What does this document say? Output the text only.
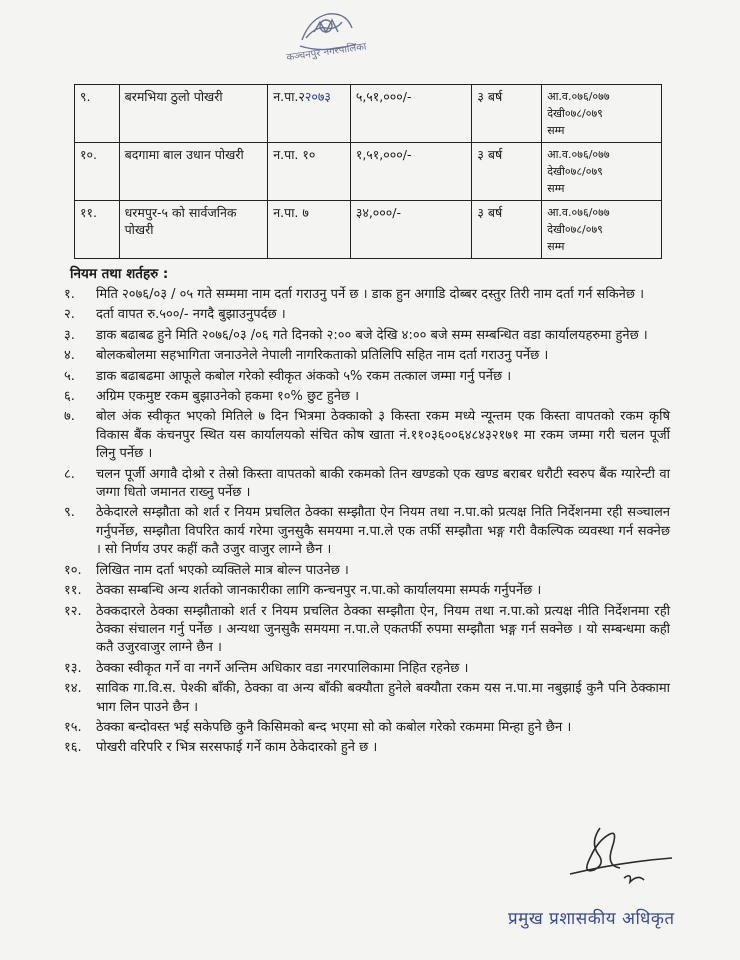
कञ्चनपुर नगरपालिका
९.	बरमभिया ठुलो पोखरी	न.पा.२२०७३	५,५१,०००/-	३ बर्ष	आ.व.०७६/०७७
देखी०७८/०७९
सम्म

१०.	बदगामा बाल उधान पोखरी	न.पा. १०	१,५१,०००/-	३ बर्ष	आ.व.०७६/०७७
देखी०७८/०७९
सम्म

११.	धरमपुर-५ को सार्वजनिक पोखरी	न.पा. ७	३४,०००/-	३ बर्ष	आ.व.०७६/०७७
देखी०७८/०७९
सम्म
नियम तथा शर्तहरु :
१.	मिति २०७६/०३ / ०५ गते सम्ममा नाम दर्ता गराउनु पर्ने छ । डाक हुन अगाडि दोब्बर दस्तुर तिरी नाम दर्ता गर्न सकिनेछ ।
२.	दर्ता वापत रु.५००/- नगदै बुझाउनुपर्दछ ।
३.	डाक बढाबढ हुने मिति २०७६/०३ /०६ गते दिनको २:०० बजे देखि ४:०० बजे सम्म सम्बन्धित वडा कार्यालयहरुमा हुनेछ ।
४.	बोलकबोलमा सहभागिता जनाउनेले नेपाली नागरिकताको प्रतिलिपि सहित नाम दर्ता गराउनु पर्नेछ ।
५.	डाक बढाबढमा आफूले कबोल गरेको स्वीकृत अंकको ५% रकम तत्काल जम्मा गर्नु पर्नेछ ।
६.	अग्रिम एकमुष्ट रकम बुझाउनेको हकमा १०% छुट हुनेछ ।
७.	बोल अंक स्वीकृत भएको मितिले ७ दिन भित्रमा ठेक्काको ३ किस्ता रकम मध्ये न्यून्तम एक किस्ता वापतको रकम कृषि विकास बैंक कंचनपुर स्थित यस कार्यालयको संचित कोष खाता नं.११०३६००६४८४३२१७१ मा रकम जम्मा गरी चलन पूर्जी लिनु पर्नेछ ।
८.	चलन पूर्जी अगावै दोश्रो र तेस्रो किस्ता वापतको बाकी रकमको तिन खण्डको एक खण्ड बराबर धरौटी स्वरुप बैंक ग्यारेन्टी वा जग्गा धितो जमानत राख्नु पर्नेछ ।
९.	ठेकेदारले सम्झौता को शर्त र नियम प्रचलित ठेक्का सम्झौता ऐन नियम तथा न.पा.को प्रत्यक्ष निति निर्देशनमा रही सञ्चालन गर्नुपर्नेछ, सम्झौता विपरित कार्य गरेमा जुनसुकै समयमा न.पा.ले एक तर्फी सम्झौता भङ्ग गरी वैकल्पिक व्यवस्था गर्न सक्नेछ । सो निर्णय उपर कहीं कतै उजुर वाजुर लाग्ने छैन ।
१०.	लिखित नाम दर्ता भएको व्यक्तिले मात्र बोल्न पाउनेछ ।
११.	ठेक्का सम्बन्धि अन्य शर्तको जानकारीका लागि कन्चनपुर न.पा.को कार्यालयमा सम्पर्क गर्नुपर्नेछ ।
१२.	ठेक्कदारले ठेक्का सम्झौताको शर्त र नियम प्रचलित ठेक्का सम्झौता ऐन, नियम तथा न.पा.को प्रत्यक्ष नीति निर्देशनमा रही ठेक्का संचालन गर्नु पर्नेछ । अन्यथा जुनसुकै समयमा न.पा.ले एकतर्फी रुपमा सम्झौता भङ्ग गर्न सक्नेछ । यो सम्बन्धमा कही कतै उजुरवाजुर लाग्ने छैन ।
१३.	ठेक्का स्वीकृत गर्ने वा नगर्ने अन्तिम अधिकार वडा नगरपालिकामा निहित रहनेछ ।
१४.	साविक गा.वि.स. पेश्की बाँकी, ठेक्का वा अन्य बाँकी बक्यौता हुनेले बक्यौता रकम यस न.पा.मा नबुझाई कुनै पनि ठेक्कामा भाग लिन पाउने छैन ।
१५.	ठेक्का बन्दोवस्त भई सकेपछि कुनै किसिमको बन्द भएमा सो को कबोल गरेको रकममा मिन्हा हुने छैन ।
१६.	पोखरी वरिपरि र भित्र सरसफाई गर्ने काम ठेकेदारको हुने छ ।
प्रमुख प्रशासकीय अधिकृत
